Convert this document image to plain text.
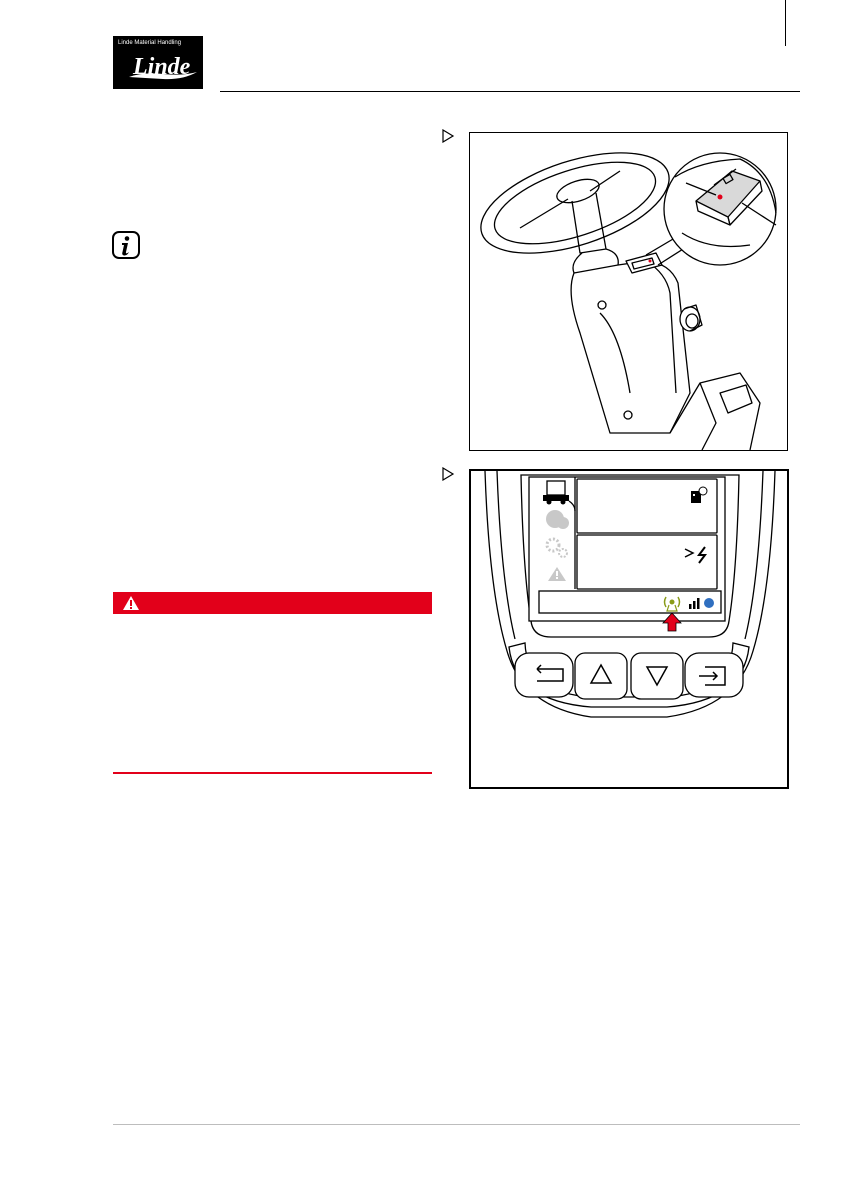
Linde Material Handling
Linde
